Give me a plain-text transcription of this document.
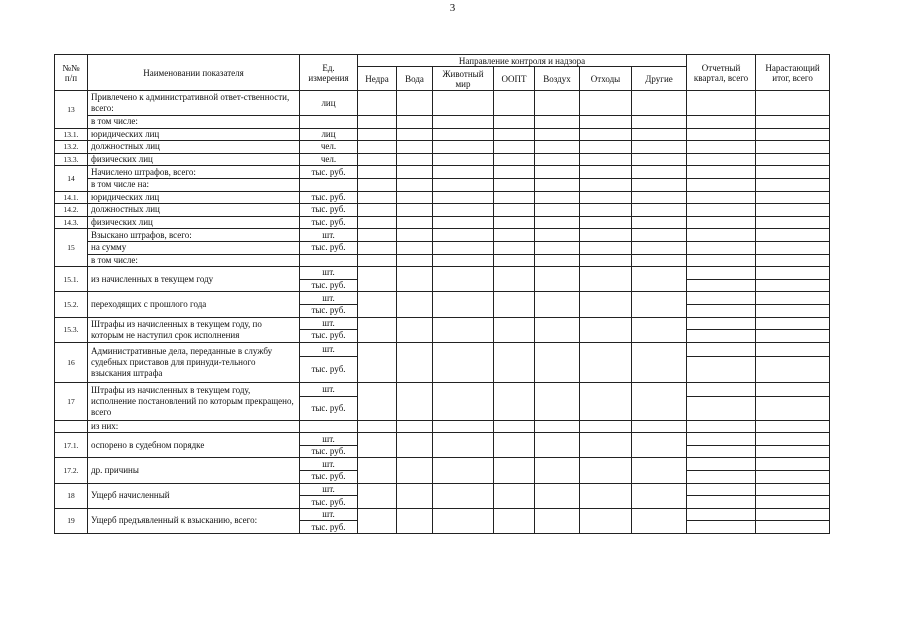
3
№№ п/п	Наименовании показателя	Ед. измерения	Направление контроля и надзора							Отчетный квартал, всего	Нарастающий итог, всего
			Недра	Вода	Животный мир	ООПТ	Воздух	Отходы	Другие		
13	Привлечено к административной ответ-ственности, всего:	лиц									
	в том числе:										
13.1.	юридических лиц	лиц									
13.2.	должностных лиц	чел.									
13.3.	физических лиц	чел.									
14	Начислено штрафов, всего:	тыс. руб.									
	в том числе на:										
14.1.	юридических лиц	тыс. руб.									
14.2.	должностных лиц	тыс. руб.									
14.3.	физических лиц	тыс. руб.									
15	Взыскано штрафов, всего:	шт.									
	на сумму	тыс. руб.									
	в том числе:										
15.1.	из начисленных в текущем году	шт.									
		тыс. руб.									
15.2.	переходящих с прошлого года	шт.									
		тыс. руб.									
15.3.	Штрафы из начисленных в текущем году, по которым не наступил срок исполнения	шт.									
		тыс. руб.									
16	Административные дела, переданные в службу судебных приставов для принуди-тельного взыскания штрафа	шт.									
		тыс. руб.									
17	Штрафы из начисленных в текущем году, исполнение постановлений по которым прекращено, всего	шт.									
		тыс. руб.									
	из них:										
17.1.	оспорено в судебном порядке	шт.									
		тыс. руб.									
17.2.	др. причины	шт.									
		тыс. руб.									
18	Ущерб начисленный	шт.									
		тыс. руб.									
19	Ущерб предъявленный к взысканию, всего:	шт.									
		тыс. руб.									
